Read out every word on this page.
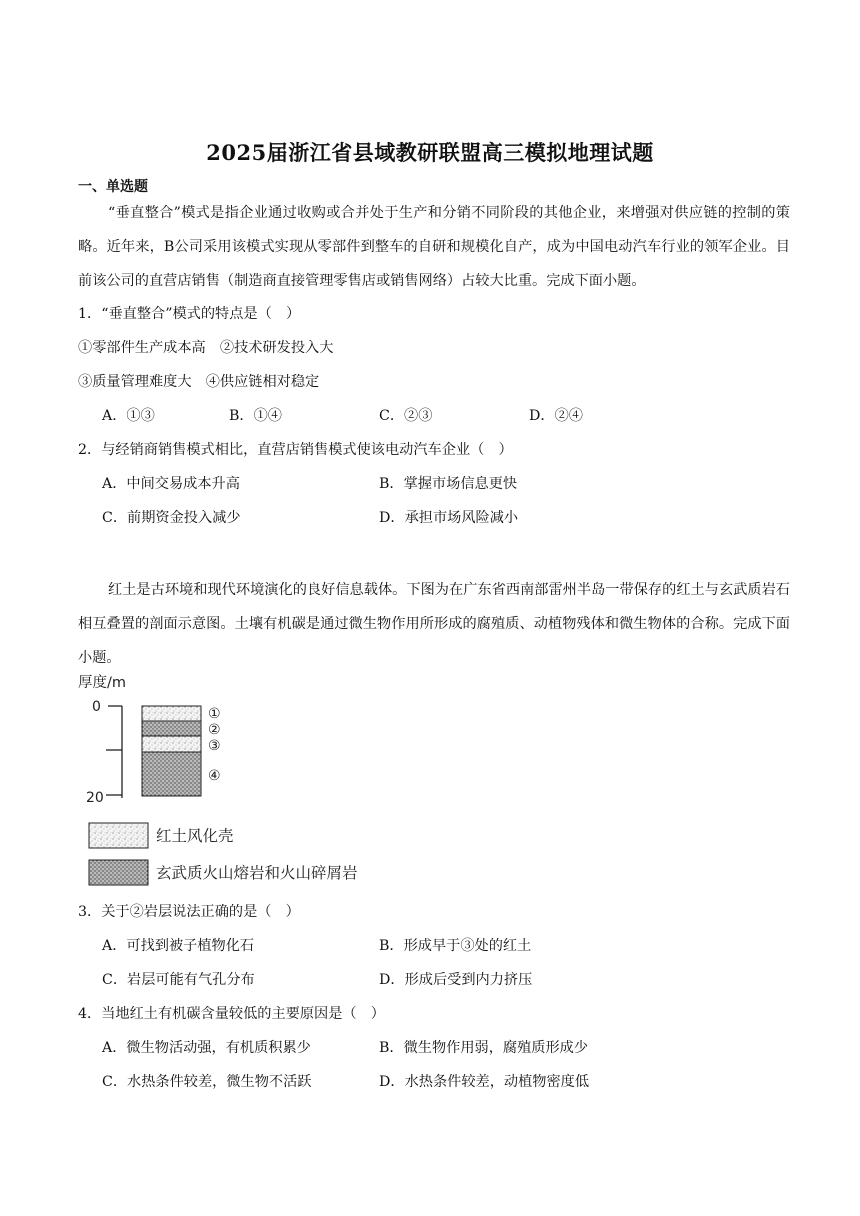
2025届浙江省县域教研联盟高三模拟地理试题
一、单选题
“垂直整合”模式是指企业通过收购或合并处于生产和分销不同阶段的其他企业，来增强对供应链的控制的策略。近年来，B公司采用该模式实现从零部件到整车的自研和规模化自产，成为中国电动汽车行业的领军企业。目前该公司的直营店销售（制造商直接管理零售店或销售网络）占较大比重。完成下面小题。
1．“垂直整合”模式的特点是（　）
①零部件生产成本高　②技术研发投入大
③质量管理难度大　④供应链相对稳定
A．①③	B．①④	C．②③	D．②④
2．与经销商销售模式相比，直营店销售模式使该电动汽车企业（　）
A．中间交易成本升高	B．掌握市场信息更快
C．前期资金投入减少	D．承担市场风险减小
红土是古环境和现代环境演化的良好信息载体。下图为在广东省西南部雷州半岛一带保存的红土与玄武质岩石相互叠置的剖面示意图。土壤有机碳是通过微生物作用所形成的腐殖质、动植物残体和微生物体的合称。完成下面小题。
厚度/m
0
20
①
②
③
④
红土风化壳
玄武质火山熔岩和火山碎屑岩
3．关于②岩层说法正确的是（　）
A．可找到被子植物化石	B．形成早于③处的红土
C．岩层可能有气孔分布	D．形成后受到内力挤压
4．当地红土有机碳含量较低的主要原因是（　）
A．微生物活动强，有机质积累少	B．微生物作用弱，腐殖质形成少
C．水热条件较差，微生物不活跃	D．水热条件较差，动植物密度低
